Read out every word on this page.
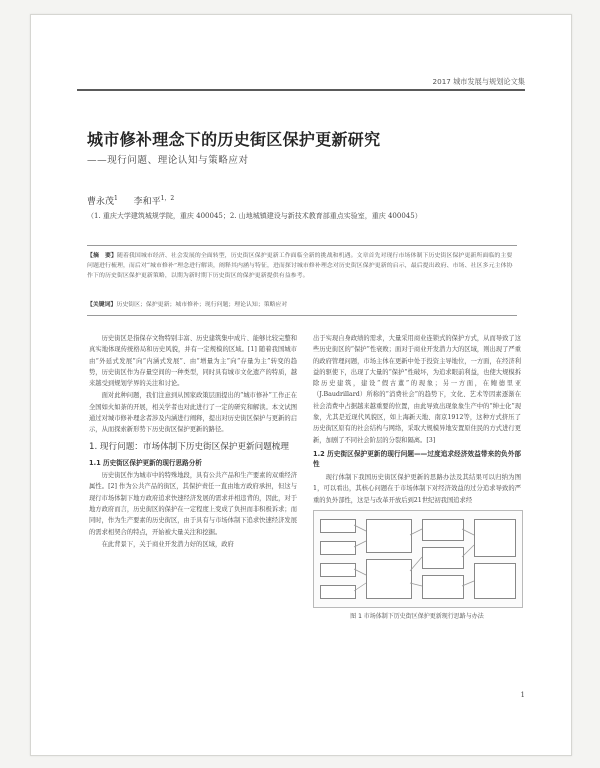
2017 城市发展与规划论文集
城市修补理念下的历史街区保护更新研究
——现行问题、理论认知与策略应对
曹永茂$^1$ 李和平$^{1,2}$
（1. 重庆大学建筑城规学院，重庆 400045；2. 山地城镇建设与新技术教育部重点实验室，重庆 400045）
【摘　要】随着我国城市经济、社会发展的全面转型，历史街区保护更新工作面临全新的挑战和机遇。文章首先对现行市场体制下历史街区保护更新所面临的主要问题进行梳理，而后对“城市修补”理念进行解读，阐释其内涵与特征，进而探讨城市修补理念对历史街区保护更新的启示，最后提出政府、市场、社区多元主体协作下的历史街区保护更新策略，以期为新时期下历史街区的保护更新提供有益参考。
【关键词】历史街区；保护更新；城市修补；现行问题；理论认知；策略应对

历史街区是指保存文物特别丰富、历史建筑集中成片、能够比较完整和真实地体现传统格局和历史风貌，并有一定规模的区域。[1] 随着我国城市由“外延式发展”向“内涵式发展”、由“增量为主”向“存量为主”转变的趋势，历史街区作为存量空间的一种类型，同时具有城市文化遗产的特质，越来越受到规划学界的关注和讨论。

面对此种问题，我们注意到从国家政策层面提出的“城市修补”工作正在全国如火如荼的开展，相关学者也对此进行了一定的研究和解读。本文试图通过对城市修补理念者涉及内涵进行阐释，提出对历史街区保护与更新的启示，从而探索新形势下历史街区保护更新的路径。

1. 现行问题：市场体制下历史街区保护更新问题梳理
1.1 历史街区保护更新的现行思路分析

历史街区作为城市中的特殊地段，具有公共产品和生产要素的双重经济属性。[2] 作为公共产品的街区，其保护责任一直由地方政府承担，但这与现行市场体制下地方政府追求快速经济发展的需求并相违背的，因此，对于地方政府而言，历史街区的保护在一定程度上变成了负担而非积极诉求；而同时，作为生产要素的历史街区，由于具有与市场体制下追求快速经济发展的需求相契合的特点，开始被大量关注和挖掘。

在此背景下，关于商业开发潜力好的区域，政府

出于实现自身政绩的需求，大量采用商业连锁式的保护方式，从而导致了这些历史街区的“保护”性衰败；面对于商业开发潜力大的区域，则出现了严重的政府管理问题，市场主体在更新中处于投资主导地位，一方面，在经济利益的驱使下，出现了大量的“保护”性破坏，为追求眼前利益，也使大规模拆除历史建筑，建设“假古董”的现象；另一方面，在鲍德里亚（J.Baudrillard）所称的“消费社会”的趋势下，文化、艺术等因素逐渐在社会消费中占据越来越重要的位置，由此导致出现象象生产中的“绅士化”现象，尤其是近现代风貌区，如上海新天地、南京1912等，这种方式挤压了历史街区原有的社会结构与网络，采取大规模异地安置原住民的方式进行更新，加剧了不同社会阶层的分裂和隔离。[3]

1.2 历史街区保护更新的现行问题——过度追求经济效益带来的负外部性

现行体制下我国历史街区保护更新的思路办法及其结果可以归纳为图1，可以看出，其核心问题在于市场体制下对经济效益的过分追求导致的严重的负外部性，这是与改革开放后到21世纪初我国追求经

图 1 市场体制下历史街区保护更新现行思路与办法
1
